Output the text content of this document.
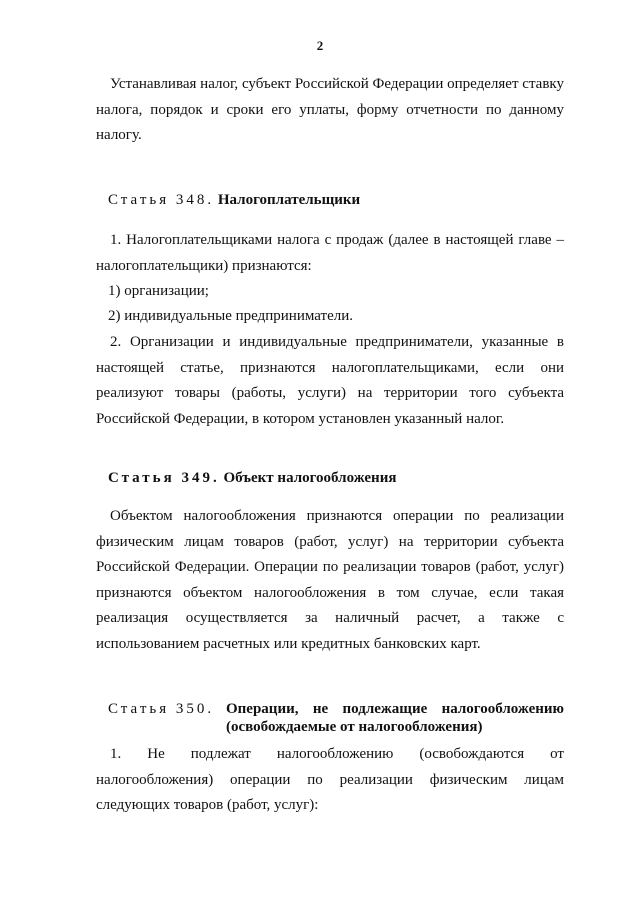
2
Устанавливая налог, субъект Российской Федерации определяет ставку налога, порядок и сроки его уплаты, форму отчетности по данному налогу.
Статья 348. Налогоплательщики
1. Налогоплательщиками налога с продаж (далее в настоящей главе – налогоплательщики) признаются:
1) организации;
2) индивидуальные предприниматели.
2. Организации и индивидуальные предприниматели, указанные в настоящей статье, признаются налогоплательщиками, если они реализуют товары (работы, услуги) на территории того субъекта Российской Федерации, в котором установлен указанный налог.
Статья 349. Объект налогообложения
Объектом налогообложения признаются операции по реализации физическим лицам товаров (работ, услуг) на территории субъекта Российской Федерации. Операции по реализации товаров (работ, услуг) признаются объектом налогообложения в том случае, если такая реализация осуществляется за наличный расчет, а также с использованием расчетных или кредитных банковских карт.
Статья 350. Операции, не подлежащие налогообложению (освобождаемые от налогообложения)
1. Не подлежат налогообложению (освобождаются от налогообложения) операции по реализации физическим лицам следующих товаров (работ, услуг):
